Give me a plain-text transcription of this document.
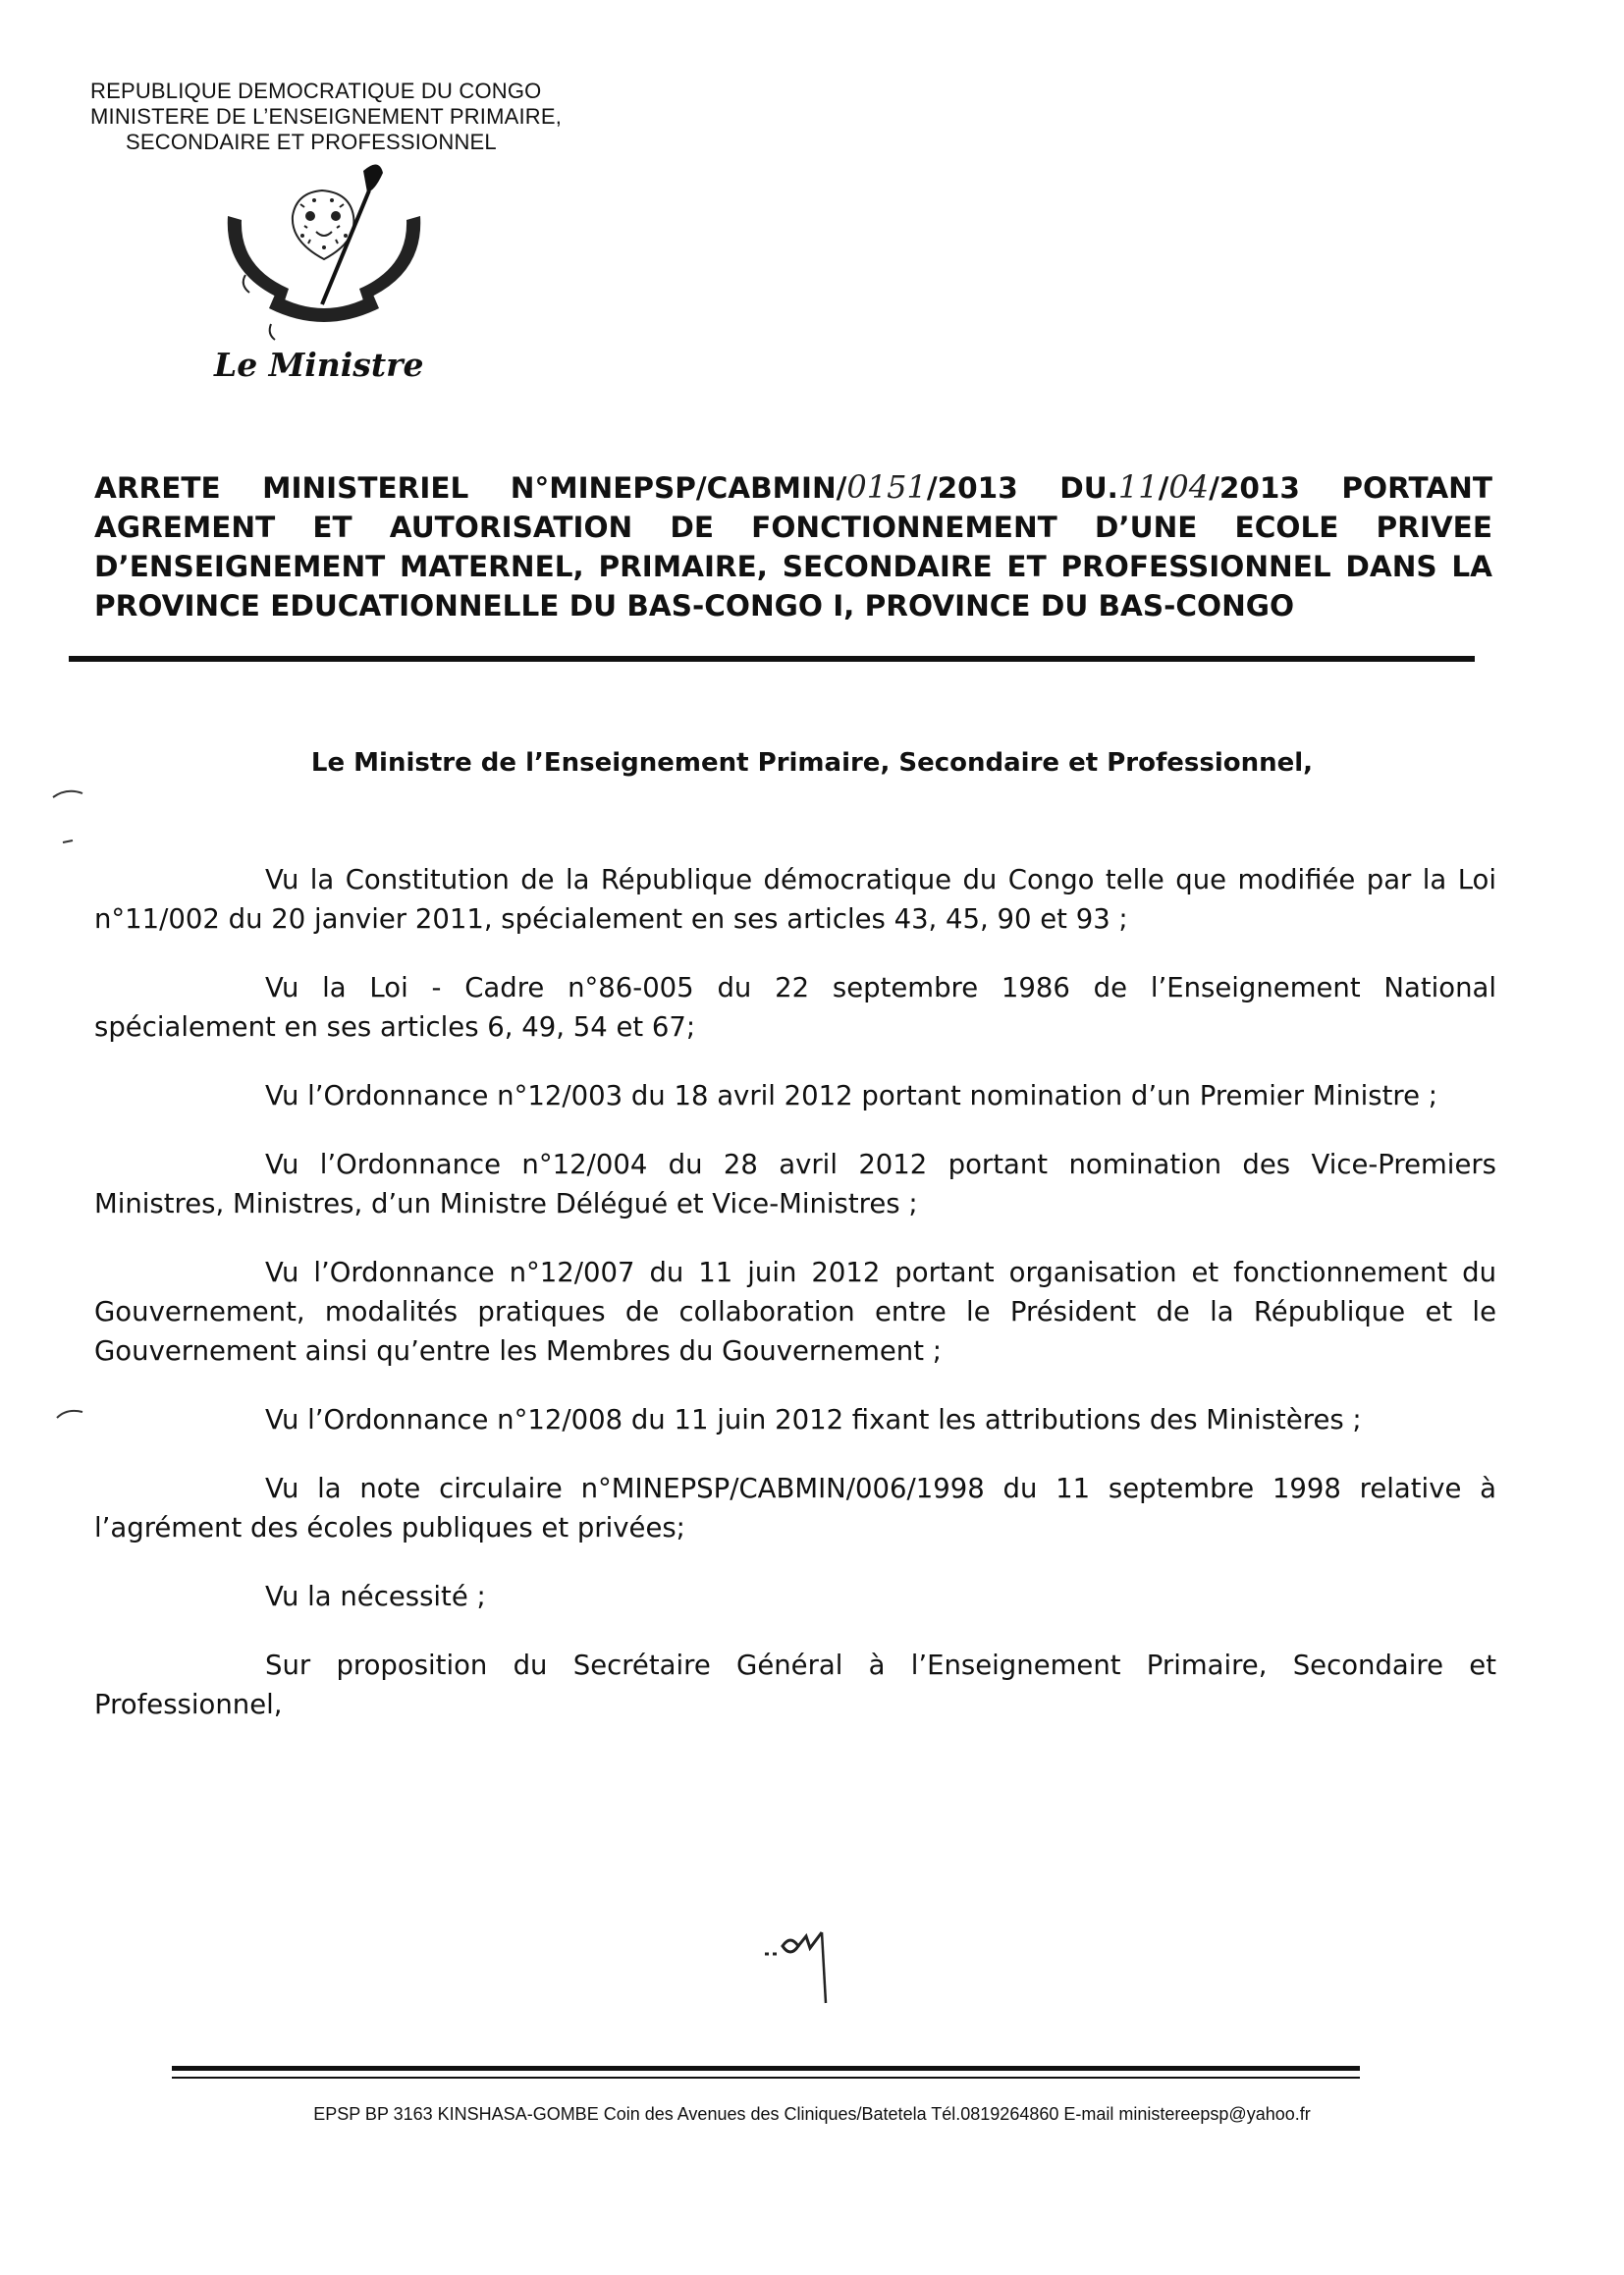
REPUBLIQUE DEMOCRATIQUE DU CONGO
MINISTERE DE L’ENSEIGNEMENT PRIMAIRE,
SECONDAIRE ET PROFESSIONNEL
Le Ministre
ARRETE MINISTERIEL N°MINEPSP/CABMIN/0151/2013 DU.11/04/2013 PORTANT AGREMENT ET AUTORISATION DE FONCTIONNEMENT D’UNE ECOLE PRIVEE D’ENSEIGNEMENT MATERNEL, PRIMAIRE, SECONDAIRE ET PROFESSIONNEL DANS LA PROVINCE EDUCATIONNELLE DU BAS-CONGO I, PROVINCE DU BAS-CONGO
Le Ministre de l’Enseignement Primaire, Secondaire et Professionnel,

Vu la Constitution de la République démocratique du Congo telle que modifiée par la Loi n°11/002 du 20 janvier 2011, spécialement en ses articles 43, 45, 90 et 93 ;

Vu la Loi - Cadre n°86-005 du 22 septembre 1986 de l’Enseignement National spécialement en ses articles 6, 49, 54 et 67;

Vu l’Ordonnance n°12/003 du 18 avril 2012 portant nomination d’un Premier Ministre ;

Vu l’Ordonnance n°12/004 du 28 avril 2012 portant nomination des Vice-Premiers Ministres, Ministres, d’un Ministre Délégué et Vice-Ministres ;

Vu l’Ordonnance n°12/007 du 11 juin 2012 portant organisation et fonctionnement du Gouvernement, modalités pratiques de collaboration entre le Président de la République et le Gouvernement ainsi qu’entre les Membres du Gouvernement ;

Vu l’Ordonnance n°12/008 du 11 juin 2012 fixant les attributions des Ministères ;

Vu la note circulaire n°MINEPSP/CABMIN/006/1998 du 11 septembre 1998 relative à l’agrément des écoles publiques et privées;

Vu la nécessité ;

Sur proposition du Secrétaire Général à l’Enseignement Primaire, Secondaire et Professionnel,

EPSP BP 3163 KINSHASA-GOMBE Coin des Avenues des Cliniques/Batetela Tél.0819264860 E-mail ministereepsp@yahoo.fr
